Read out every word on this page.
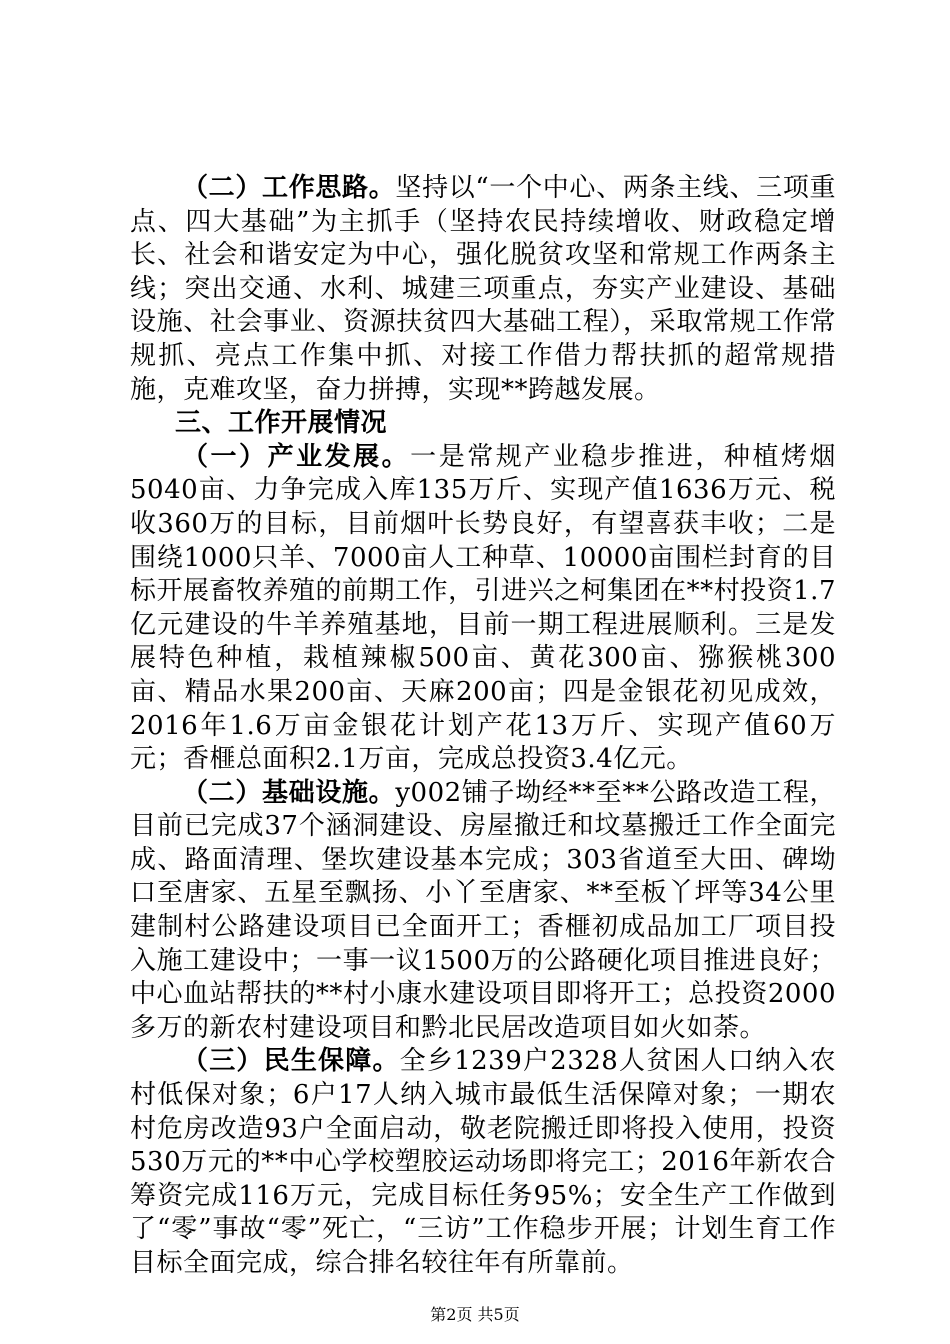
（二）工作思路。坚持以“一个中心、两条主线、三项重点、四大基础”为主抓手（坚持农民持续增收、财政稳定增长、社会和谐安定为中心，强化脱贫攻坚和常规工作两条主线；突出交通、水利、城建三项重点，夯实产业建设、基础设施、社会事业、资源扶贫四大基础工程），采取常规工作常规抓、亮点工作集中抓、对接工作借力帮扶抓的超常规措施，克难攻坚，奋力拼搏，实现**跨越发展。

三、工作开展情况

（一）产业发展。一是常规产业稳步推进，种植烤烟5040亩、力争完成入库135万斤、实现产值1636万元、税收360万的目标，目前烟叶长势良好，有望喜获丰收；二是围绕1000只羊、7000亩人工种草、10000亩围栏封育的目标开展畜牧养殖的前期工作，引进兴之柯集团在**村投资1.7亿元建设的牛羊养殖基地，目前一期工程进展顺利。三是发展特色种植，栽植辣椒500亩、黄花300亩、猕猴桃300亩、精品水果200亩、天麻200亩；四是金银花初见成效，2016年1.6万亩金银花计划产花13万斤、实现产值60万元；香榧总面积2.1万亩，完成总投资3.4亿元。

（二）基础设施。y002铺子坳经**至**公路改造工程，目前已完成37个涵洞建设、房屋撤迁和坟墓搬迁工作全面完成、路面清理、堡坎建设基本完成；303省道至大田、碑坳口至唐家、五星至飘扬、小丫至唐家、**至板丫坪等34公里建制村公路建设项目已全面开工；香榧初成品加工厂项目投入施工建设中；一事一议1500万的公路硬化项目推进良好；中心血站帮扶的**村小康水建设项目即将开工；总投资2000多万的新农村建设项目和黔北民居改造项目如火如荼。

（三）民生保障。全乡1239户2328人贫困人口纳入农村低保对象；6户17人纳入城市最低生活保障对象；一期农村危房改造93户全面启动，敬老院搬迁即将投入使用，投资530万元的**中心学校塑胶运动场即将完工；2016年新农合筹资完成116万元，完成目标任务95%；安全生产工作做到了“零”事故“零”死亡，“三访”工作稳步开展；计划生育工作目标全面完成，综合排名较往年有所靠前。

第2页 共5页
